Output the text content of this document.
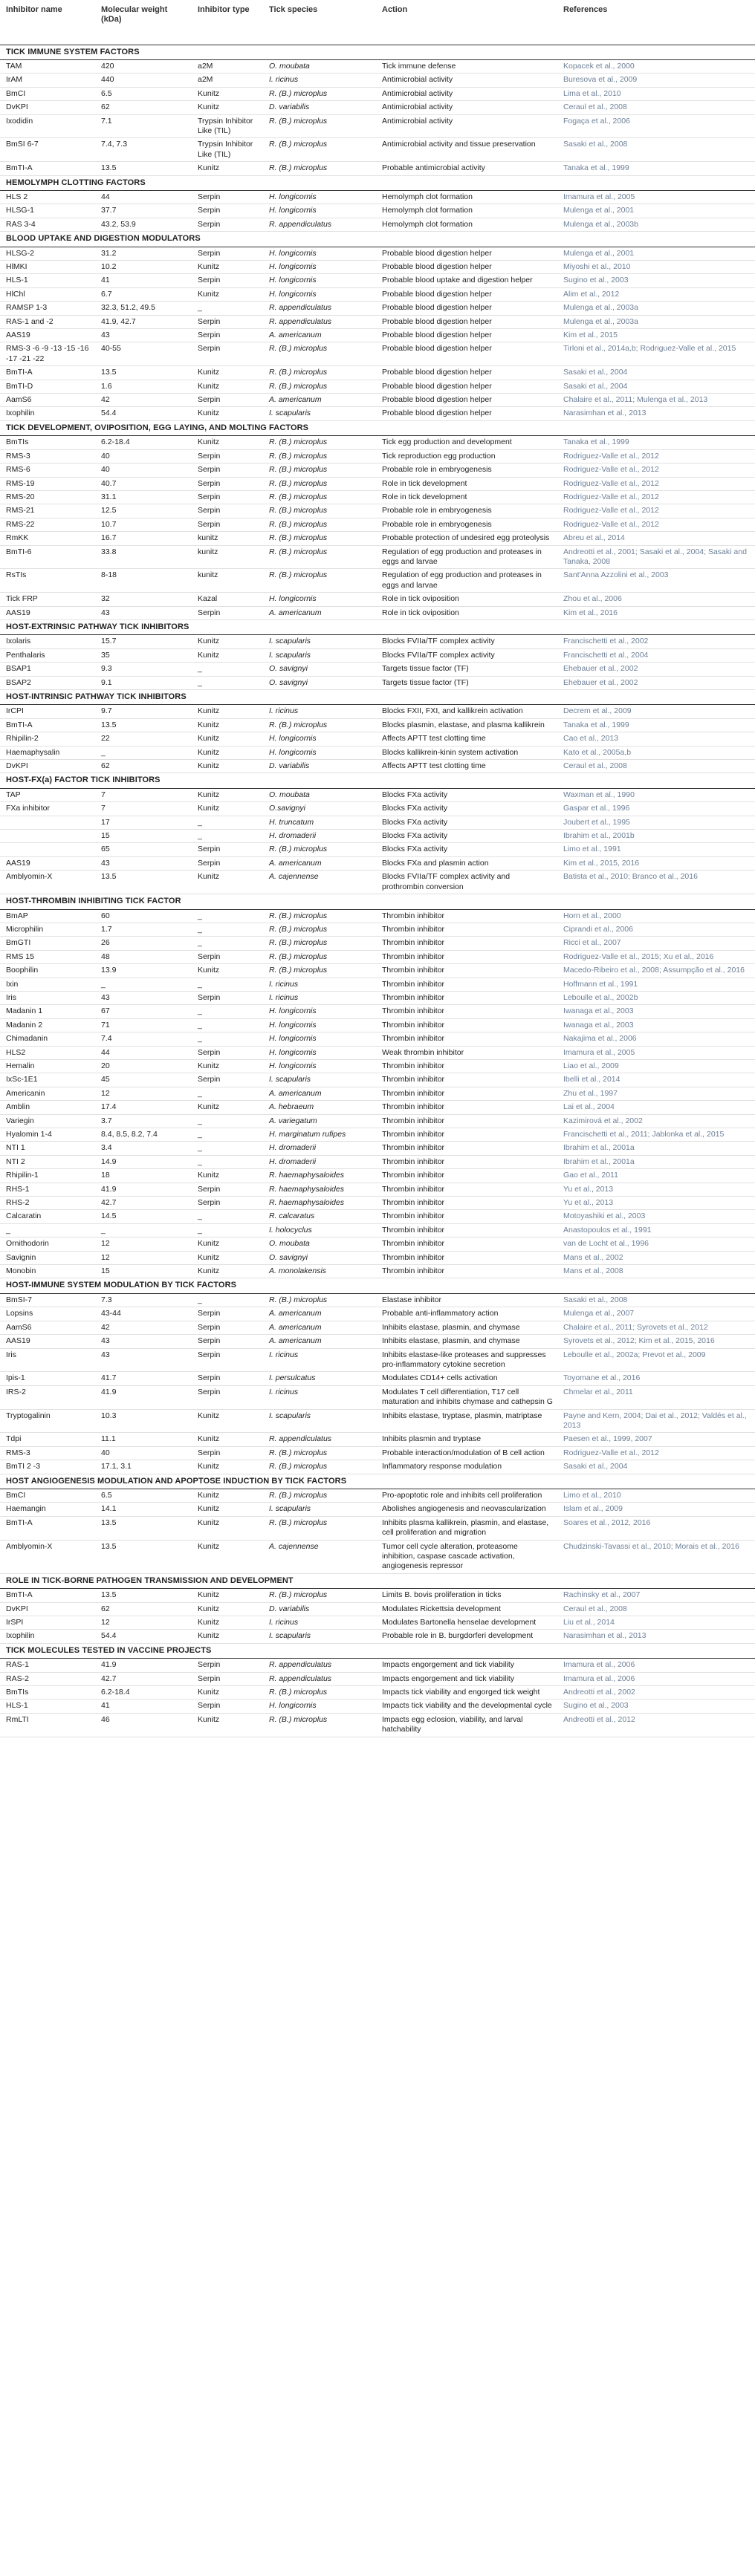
Inhibitor name	Molecular weight (kDa)	Inhibitor type	Tick species	Action	References
TICK IMMUNE SYSTEM FACTORS					
TAM	420	a2M	O. moubata	Tick immune defense	Kopacek et al., 2000
IrAM	440	a2M	I. ricinus	Antimicrobial activity	Buresova et al., 2009
BmCI	6.5	Kunitz	R. (B.) microplus	Antimicrobial activity	Lima et al., 2010
DvKPI	62	Kunitz	D. variabilis	Antimicrobial activity	Ceraul et al., 2008
Ixodidin	7.1	Trypsin Inhibitor Like (TIL)	R. (B.) microplus	Antimicrobial activity	Fogaça et al., 2006
BmSI 6-7	7.4, 7.3	Trypsin Inhibitor Like (TIL)	R. (B.) microplus	Antimicrobial activity and tissue preservation	Sasaki et al., 2008
BmTI-A	13.5	Kunitz	R. (B.) microplus	Probable antimicrobial activity	Tanaka et al., 1999
HEMOLYMPH CLOTTING FACTORS					
HLS 2	44	Serpin	H. longicornis	Hemolymph clot formation	Imamura et al., 2005
HLSG-1	37.7	Serpin	H. longicornis	Hemolymph clot formation	Mulenga et al., 2001
RAS 3-4	43.2, 53.9	Serpin	R. appendiculatus	Hemolymph clot formation	Mulenga et al., 2003b
BLOOD UPTAKE AND DIGESTION MODULATORS					
HLSG-2	31.2	Serpin	H. longicornis	Probable blood digestion helper	Mulenga et al., 2001
HlMKI	10.2	Kunitz	H. longicornis	Probable blood digestion helper	Miyoshi et al., 2010
HLS-1	41	Serpin	H. longicornis	Probable blood uptake and digestion helper	Sugino et al., 2003
HlChl	6.7	Kunitz	H. longicornis	Probable blood digestion helper	Alim et al., 2012
RAMSP 1-3	32.3, 51.2, 49.5	_	R. appendiculatus	Probable blood digestion helper	Mulenga et al., 2003a
RAS-1 and -2	41.9, 42.7	Serpin	R. appendiculatus	Probable blood digestion helper	Mulenga et al., 2003a
AAS19	43	Serpin	A. americanum	Probable blood digestion helper	Kim et al., 2015
RMS-3 -6 -9 -13 -15 -16 -17 -21 -22	40-55	Serpin	R. (B.) microplus	Probable blood digestion helper	Tirloni et al., 2014a,b; Rodriguez-Valle et al., 2015
BmTI-A	13.5	Kunitz	R. (B.) microplus	Probable blood digestion helper	Sasaki et al., 2004
BmTI-D	1.6	Kunitz	R. (B.) microplus	Probable blood digestion helper	Sasaki et al., 2004
AamS6	42	Serpin	A. americanum	Probable blood digestion helper	Chalaire et al., 2011; Mulenga et al., 2013
Ixophilin	54.4	Kunitz	I. scapularis	Probable blood digestion helper	Narasimhan et al., 2013
TICK DEVELOPMENT, OVIPOSITION, EGG LAYING, AND MOLTING FACTORS					
BmTIs	6.2-18.4	Kunitz	R. (B.) microplus	Tick egg production and development	Tanaka et al., 1999
RMS-3	40	Serpin	R. (B.) microplus	Tick reproduction egg production	Rodriguez-Valle et al., 2012
RMS-6	40	Serpin	R. (B.) microplus	Probable role in embryogenesis	Rodriguez-Valle et al., 2012
RMS-19	40.7	Serpin	R. (B.) microplus	Role in tick development	Rodriguez-Valle et al., 2012
RMS-20	31.1	Serpin	R. (B.) microplus	Role in tick development	Rodriguez-Valle et al., 2012
RMS-21	12.5	Serpin	R. (B.) microplus	Probable role in embryogenesis	Rodriguez-Valle et al., 2012
RMS-22	10.7	Serpin	R. (B.) microplus	Probable role in embryogenesis	Rodriguez-Valle et al., 2012
RmKK	16.7	kunitz	R. (B.) microplus	Probable protection of undesired egg proteolysis	Abreu et al., 2014
BmTI-6	33.8	kunitz	R. (B.) microplus	Regulation of egg production and proteases in eggs and larvae	Andreotti et al., 2001; Sasaki et al., 2004; Sasaki and Tanaka, 2008
RsTIs	8-18	kunitz	R. (B.) microplus	Regulation of egg production and proteases in eggs and larvae	Sant'Anna Azzolini et al., 2003
Tick FRP	32	Kazal	H. longicornis	Role in tick oviposition	Zhou et al., 2006
AAS19	43	Serpin	A. americanum	Role in tick oviposition	Kim et al., 2016
HOST-EXTRINSIC PATHWAY TICK INHIBITORS					
Ixolaris	15.7	Kunitz	I. scapularis	Blocks FVIIa/TF complex activity	Francischetti et al., 2002
Penthalaris	35	Kunitz	I. scapularis	Blocks FVIIa/TF complex activity	Francischetti et al., 2004
BSAP1	9.3	_	O. savignyi	Targets tissue factor (TF)	Ehebauer et al., 2002
BSAP2	9.1	_	O. savignyi	Targets tissue factor (TF)	Ehebauer et al., 2002
HOST-INTRINSIC PATHWAY TICK INHIBITORS					
IrCPI	9.7	Kunitz	I. ricinus	Blocks FXII, FXI, and kallikrein activation	Decrem et al., 2009
BmTI-A	13.5	Kunitz	R. (B.) microplus	Blocks plasmin, elastase, and plasma kallikrein	Tanaka et al., 1999
Rhipilin-2	22	Kunitz	H. longicornis	Affects APTT test clotting time	Cao et al., 2013
Haemaphysalin	_	Kunitz	H. longicornis	Blocks kallikrein-kinin system activation	Kato et al., 2005a,b
DvKPI	62	Kunitz	D. variabilis	Affects APTT test clotting time	Ceraul et al., 2008
HOST-FX(a) FACTOR TICK INHIBITORS					
TAP	7	Kunitz	O. moubata	Blocks FXa activity	Waxman et al., 1990
FXa inhibitor	7	Kunitz	O.savignyi	Blocks FXa activity	Gaspar et al., 1996
	17	_	H. truncatum	Blocks FXa activity	Joubert et al., 1995
	15	_	H. dromaderii	Blocks FXa activity	Ibrahim et al., 2001b
	65	Serpin	R. (B.) microplus	Blocks FXa activity	Limo et al., 1991
AAS19	43	Serpin	A. americanum	Blocks FXa and plasmin action	Kim et al., 2015, 2016
Amblyomin-X	13.5	Kunitz	A. cajennense	Blocks FVIIa/TF complex activity and prothrombin conversion	Batista et al., 2010; Branco et al., 2016
HOST-THROMBIN INHIBITING TICK FACTOR					
BmAP	60	_	R. (B.) microplus	Thrombin inhibitor	Horn et al., 2000
Microphilin	1.7	_	R. (B.) microplus	Thrombin inhibitor	Ciprandi et al., 2006
BmGTI	26	_	R. (B.) microplus	Thrombin inhibitor	Ricci et al., 2007
RMS 15	48	Serpin	R. (B.) microplus	Thrombin inhibitor	Rodriguez-Valle et al., 2015; Xu et al., 2016
Boophilin	13.9	Kunitz	R. (B.) microplus	Thrombin inhibitor	Macedo-Ribeiro et al., 2008; Assumpção et al., 2016
Ixin	_	_	I. ricinus	Thrombin inhibitor	Hoffmann et al., 1991
Iris	43	Serpin	I. ricinus	Thrombin inhibitor	Leboulle et al., 2002b
Madanin 1	67	_	H. longicornis	Thrombin inhibitor	Iwanaga et al., 2003
Madanin 2	71	_	H. longicornis	Thrombin inhibitor	Iwanaga et al., 2003
Chimadanin	7.4	_	H. longicornis	Thrombin inhibitor	Nakajima et al., 2006
HLS2	44	Serpin	H. longicornis	Weak thrombin inhibitor	Imamura et al., 2005
Hemalin	20	Kunitz	H. longicornis	Thrombin inhibitor	Liao et al., 2009
IxSc-1E1	45	Serpin	I. scapularis	Thrombin inhibitor	Ibelli et al., 2014
Americanin	12	_	A. americanum	Thrombin inhibitor	Zhu et al., 1997
Amblin	17.4	Kunitz	A. hebraeum	Thrombin inhibitor	Lai et al., 2004
Variegin	3.7	_	A. variegatum	Thrombin inhibitor	Kazimirová et al., 2002
Hyalomin 1-4	8.4, 8.5, 8.2, 7.4	_	H. marginatum rufipes	Thrombin inhibitor	Francischetti et al., 2011; Jablonka et al., 2015
NTI 1	3.4	_	H. dromaderii	Thrombin inhibitor	Ibrahim et al., 2001a
NTI 2	14.9	_	H. dromaderii	Thrombin inhibitor	Ibrahim et al., 2001a
Rhipilin-1	18	Kunitz	R. haemaphysaloides	Thrombin inhibitor	Gao et al., 2011
RHS-1	41.9	Serpin	R. haemaphysaloides	Thrombin inhibitor	Yu et al., 2013
RHS-2	42.7	Serpin	R. haemaphysaloides	Thrombin inhibitor	Yu et al., 2013
Calcaratin	14.5	_	R. calcaratus	Thrombin inhibitor	Motoyashiki et al., 2003
_	_	_	I. holocyclus	Thrombin inhibitor	Anastopoulos et al., 1991
Ornithodorin	12	Kunitz	O. moubata	Thrombin inhibitor	van de Locht et al., 1996
Savignin	12	Kunitz	O. savignyi	Thrombin inhibitor	Mans et al., 2002
Monobin	15	Kunitz	A. monolakensis	Thrombin inhibitor	Mans et al., 2008
HOST-IMMUNE SYSTEM MODULATION BY TICK FACTORS					
BmSI-7	7.3	_	R. (B.) microplus	Elastase inhibitor	Sasaki et al., 2008
Lopsins	43-44	Serpin	A. americanum	Probable anti-inflammatory action	Mulenga et al., 2007
AamS6	42	Serpin	A. americanum	Inhibits elastase, plasmin, and chymase	Chalaire et al., 2011; Syrovets et al., 2012
AAS19	43	Serpin	A. americanum	Inhibits elastase, plasmin, and chymase	Syrovets et al., 2012; Kim et al., 2015, 2016
Iris	43	Serpin	I. ricinus	Inhibits elastase-like proteases and suppresses pro-inflammatory cytokine secretion	Leboulle et al., 2002a; Prevot et al., 2009
Ipis-1	41.7	Serpin	I. persulcatus	Modulates CD14+ cells activation	Toyomane et al., 2016
IRS-2	41.9	Serpin	I. ricinus	Modulates T cell differentiation, T17 cell maturation and inhibits chymase and cathepsin G	Chmelar et al., 2011
Tryptogalinin	10.3	Kunitz	I. scapularis	Inhibits elastase, tryptase, plasmin, matriptase	Payne and Kern, 2004; Dai et al., 2012; Valdés et al., 2013
Tdpi	11.1	Kunitz	R. appendiculatus	Inhibits plasmin and tryptase	Paesen et al., 1999, 2007
RMS-3	40	Serpin	R. (B.) microplus	Probable interaction/modulation of B cell action	Rodriguez-Valle et al., 2012
BmTI 2 -3	17.1, 3.1	Kunitz	R. (B.) microplus	Inflammatory response modulation	Sasaki et al., 2004
HOST ANGIOGENESIS MODULATION AND APOPTOSE INDUCTION BY TICK FACTORS					
BmCI	6.5	Kunitz	R. (B.) microplus	Pro-apoptotic role and inhibits cell proliferation	Limo et al., 2010
Haemangin	14.1	Kunitz	I. scapularis	Abolishes angiogenesis and neovascularization	Islam et al., 2009
BmTI-A	13.5	Kunitz	R. (B.) microplus	Inhibits plasma kallikrein, plasmin, and elastase, cell proliferation and migration	Soares et al., 2012, 2016
Amblyomin-X	13.5	Kunitz	A. cajennense	Tumor cell cycle alteration, proteasome inhibition, caspase cascade activation, angiogenesis repressor	Chudzinski-Tavassi et al., 2010; Morais et al., 2016
ROLE IN TICK-BORNE PATHOGEN TRANSMISSION AND DEVELOPMENT					
BmTI-A	13.5	Kunitz	R. (B.) microplus	Limits B. bovis proliferation in ticks	Rachinsky et al., 2007
DvKPI	62	Kunitz	D. variabilis	Modulates Rickettsia development	Ceraul et al., 2008
IrSPI	12	Kunitz	I. ricinus	Modulates Bartonella henselae development	Liu et al., 2014
Ixophilin	54.4	Kunitz	I. scapularis	Probable role in B. burgdorferi development	Narasimhan et al., 2013
TICK MOLECULES TESTED IN VACCINE PROJECTS					
RAS-1	41.9	Serpin	R. appendiculatus	Impacts engorgement and tick viability	Imamura et al., 2006
RAS-2	42.7	Serpin	R. appendiculatus	Impacts engorgement and tick viability	Imamura et al., 2006
BmTIs	6.2-18.4	Kunitz	R. (B.) microplus	Impacts tick viability and engorged tick weight	Andreotti et al., 2002
HLS-1	41	Serpin	H. longicornis	Impacts tick viability and the developmental cycle	Sugino et al., 2003
RmLTI	46	Kunitz	R. (B.) microplus	Impacts egg eclosion, viability, and larval hatchability	Andreotti et al., 2012
